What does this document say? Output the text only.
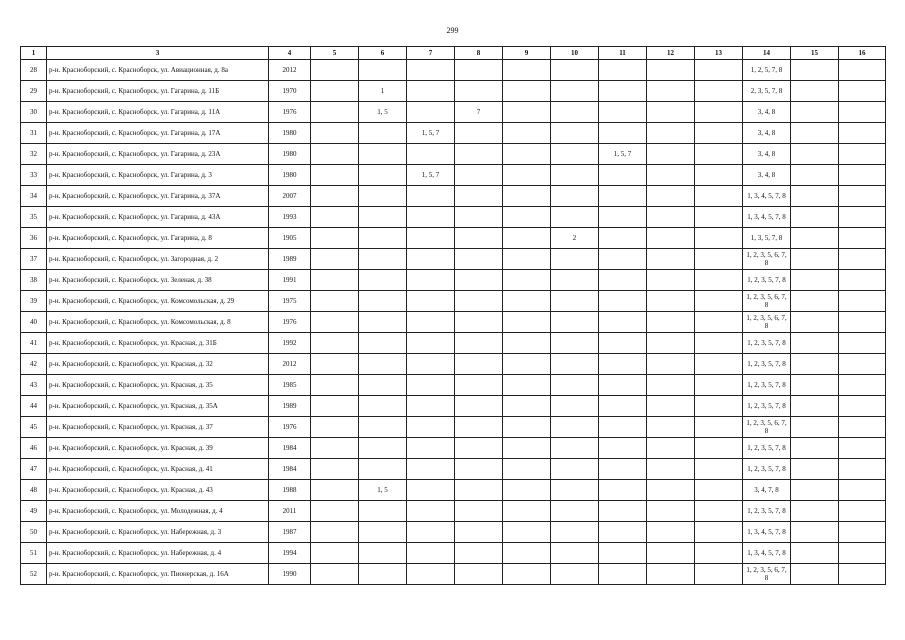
299
1	3	4	5	6	7	8	9	10	11	12	13	14	15	16
28	р-н. Красноборский, с. Красноборск, ул. Авиационная, д. 8а	2012										1, 2, 5, 7, 8		
29	р-н. Красноборский, с. Красноборск, ул. Гагарина, д. 11Б	1970		1								2, 3, 5, 7, 8		
30	р-н. Красноборский, с. Красноборск, ул. Гагарина, д. 11А	1976		1, 5		7						3, 4, 8		
31	р-н. Красноборский, с. Красноборск, ул. Гагарина, д. 17А	1980			1, 5, 7							3, 4, 8		
32	р-н. Красноборский, с. Красноборск, ул. Гагарина, д. 23А	1980							1, 5, 7			3, 4, 8		
33	р-н. Красноборский, с. Красноборск, ул. Гагарина, д. 3	1980			1, 5, 7							3, 4, 8		
34	р-н. Красноборский, с. Красноборск, ул. Гагарина, д. 37А	2007										1, 3, 4, 5, 7, 8		
35	р-н. Красноборский, с. Красноборск, ул. Гагарина, д. 43А	1993										1, 3, 4, 5, 7, 8		
36	р-н. Красноборский, с. Красноборск, ул. Гагарина, д. 8	1905						2				1, 3, 5, 7, 8		
37	р-н. Красноборский, с. Красноборск, ул. Загородная, д. 2	1989										1, 2, 3, 5, 6, 7, 8		
38	р-н. Красноборский, с. Красноборск, ул. Зеленая, д. 38	1991										1, 2, 3, 5, 7, 8		
39	р-н. Красноборский, с. Красноборск, ул. Комсомольская, д. 29	1975										1, 2, 3, 5, 6, 7, 8		
40	р-н. Красноборский, с. Красноборск, ул. Комсомольская, д. 8	1976										1, 2, 3, 5, 6, 7, 8		
41	р-н. Красноборский, с. Красноборск, ул. Красная, д. 31Б	1992										1, 2, 3, 5, 7, 8		
42	р-н. Красноборский, с. Красноборск, ул. Красная, д. 32	2012										1, 2, 3, 5, 7, 8		
43	р-н. Красноборский, с. Красноборск, ул. Красная, д. 35	1985										1, 2, 3, 5, 7, 8		
44	р-н. Красноборский, с. Красноборск, ул. Красная, д. 35А	1989										1, 2, 3, 5, 7, 8		
45	р-н. Красноборский, с. Красноборск, ул. Красная, д. 37	1976										1, 2, 3, 5, 6, 7, 8		
46	р-н. Красноборский, с. Красноборск, ул. Красная, д. 39	1984										1, 2, 3, 5, 7, 8		
47	р-н. Красноборский, с. Красноборск, ул. Красная, д. 41	1984										1, 2, 3, 5, 7, 8		
48	р-н. Красноборский, с. Красноборск, ул. Красная, д. 43	1988		1, 5								3, 4, 7, 8		
49	р-н. Красноборский, с. Красноборск, ул. Молодежная, д. 4	2011										1, 2, 3, 5, 7, 8		
50	р-н. Красноборский, с. Красноборск, ул. Набережная, д. 3	1987										1, 3, 4, 5, 7, 8		
51	р-н. Красноборский, с. Красноборск, ул. Набережная, д. 4	1994										1, 3, 4, 5, 7, 8		
52	р-н. Красноборский, с. Красноборск, ул. Пионерская, д. 16А	1990										1, 2, 3, 5, 6, 7, 8		
